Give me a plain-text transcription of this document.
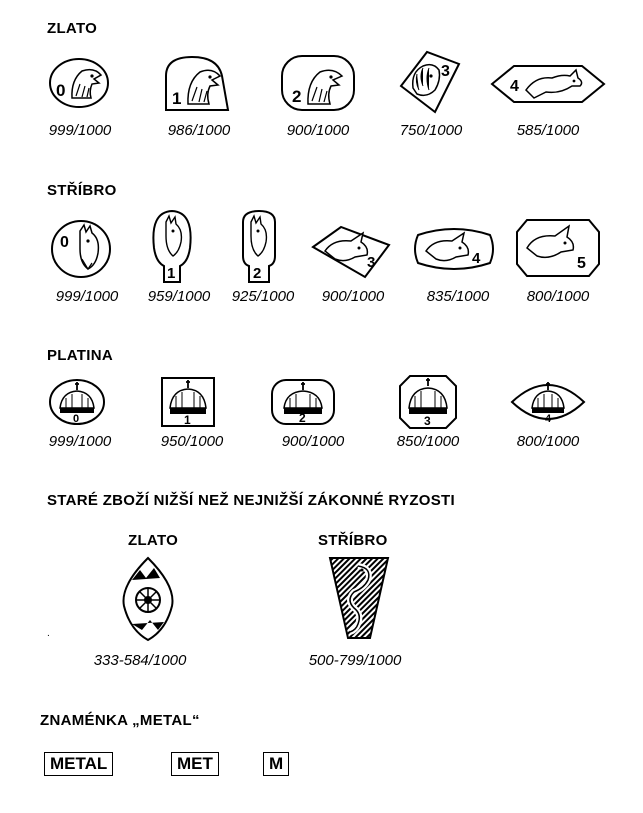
ZLATO
0
999/1000
1
986/1000
2
900/1000
3
750/1000
4
585/1000
STŘÍBRO
0
999/1000
1
959/1000
2
925/1000
3
900/1000
4
835/1000
5
800/1000
PLATINA
0
999/1000
1
950/1000
2
900/1000
3
850/1000
4
800/1000
STARÉ ZBOŽÍ NIŽŠÍ NEŽ NEJNIŽŠÍ ZÁKONNÉ RYZOSTI
ZLATO	STŘÍBRO
.
333-584/1000	500-799/1000
ZNAMÉNKA „METAL“
METAL	MET	M
